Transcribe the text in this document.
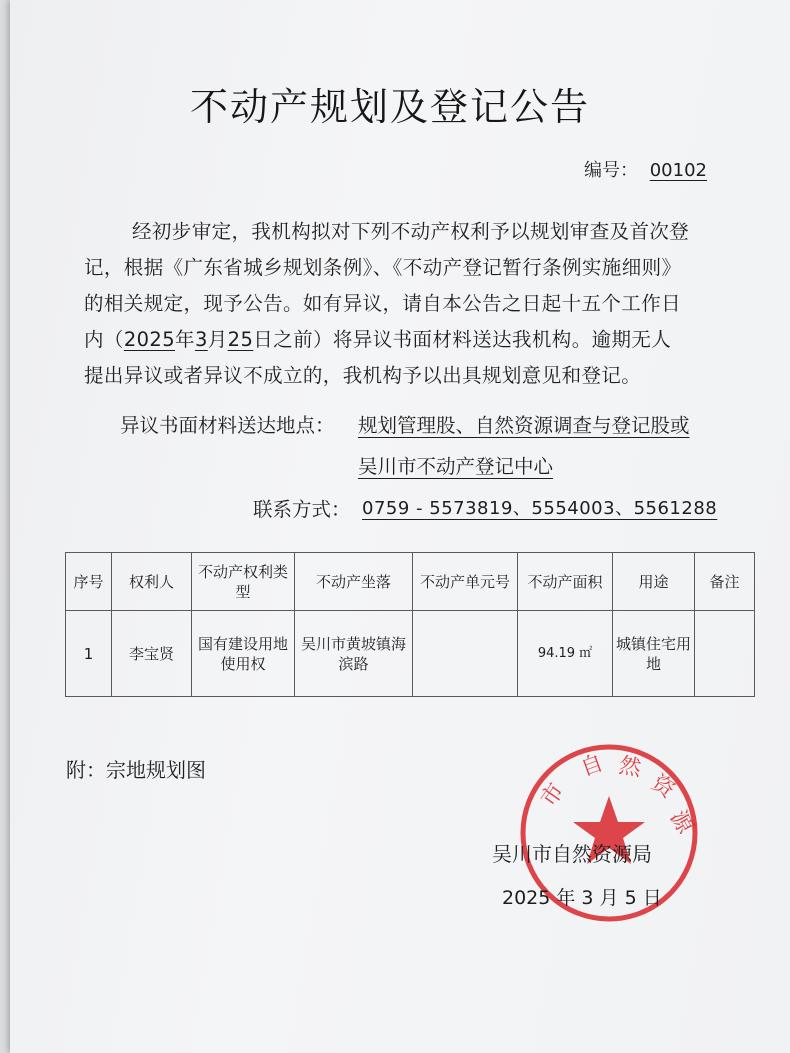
不动产规划及登记公告
编号： 00102
经初步审定，我机构拟对下列不动产权利予以规划审查及首次登
记，根据《广东省城乡规划条例》、《不动产登记暂行条例实施细则》
的相关规定，现予公告。如有异议，请自本公告之日起十五个工作日
内（2025年3月25日之前）将异议书面材料送达我机构。逾期无人
提出异议或者异议不成立的，我机构予以出具规划意见和登记。
异议书面材料送达地点： 规划管理股、自然资源调查与登记股或
吴川市不动产登记中心
联系方式： 0759 - 5573819、5554003、5561288
序号	权利人	不动产权利类型	不动产坐落	不动产单元号	不动产面积	用途	备注
1	李宝贤	国有建设用地使用权	吴川市黄坡镇海滨路		94.19 ㎡	城镇住宅用地	
附：宗地规划图
市
自 然
资
源
吴川市自然资源局
2025 年 3 月 5 日
